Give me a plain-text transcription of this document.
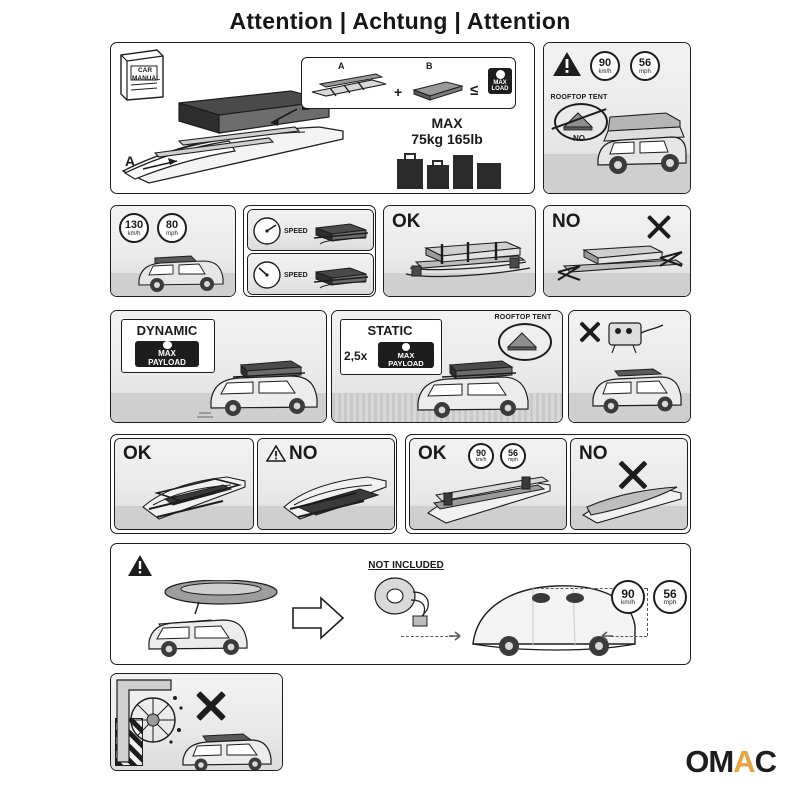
Attention | Achtung | Attention
CAR
MANUAL
A
A	B
+	≤	MAX
LOAD
MAX
75kg 165lb
90
km/h
56
mph
ROOFTOP TENT
NO
130
km/h
80
mph	SPEED
SPEED
OK	NO
DYNAMIC
MAX
PAYLOAD
STATIC
2,5x	MAX
PAYLOAD
ROOFTOP TENT
OK	NO	OK	90
km/h
56
mph	NO
NOT INCLUDED
90
km/h
56
mph
OMAC
